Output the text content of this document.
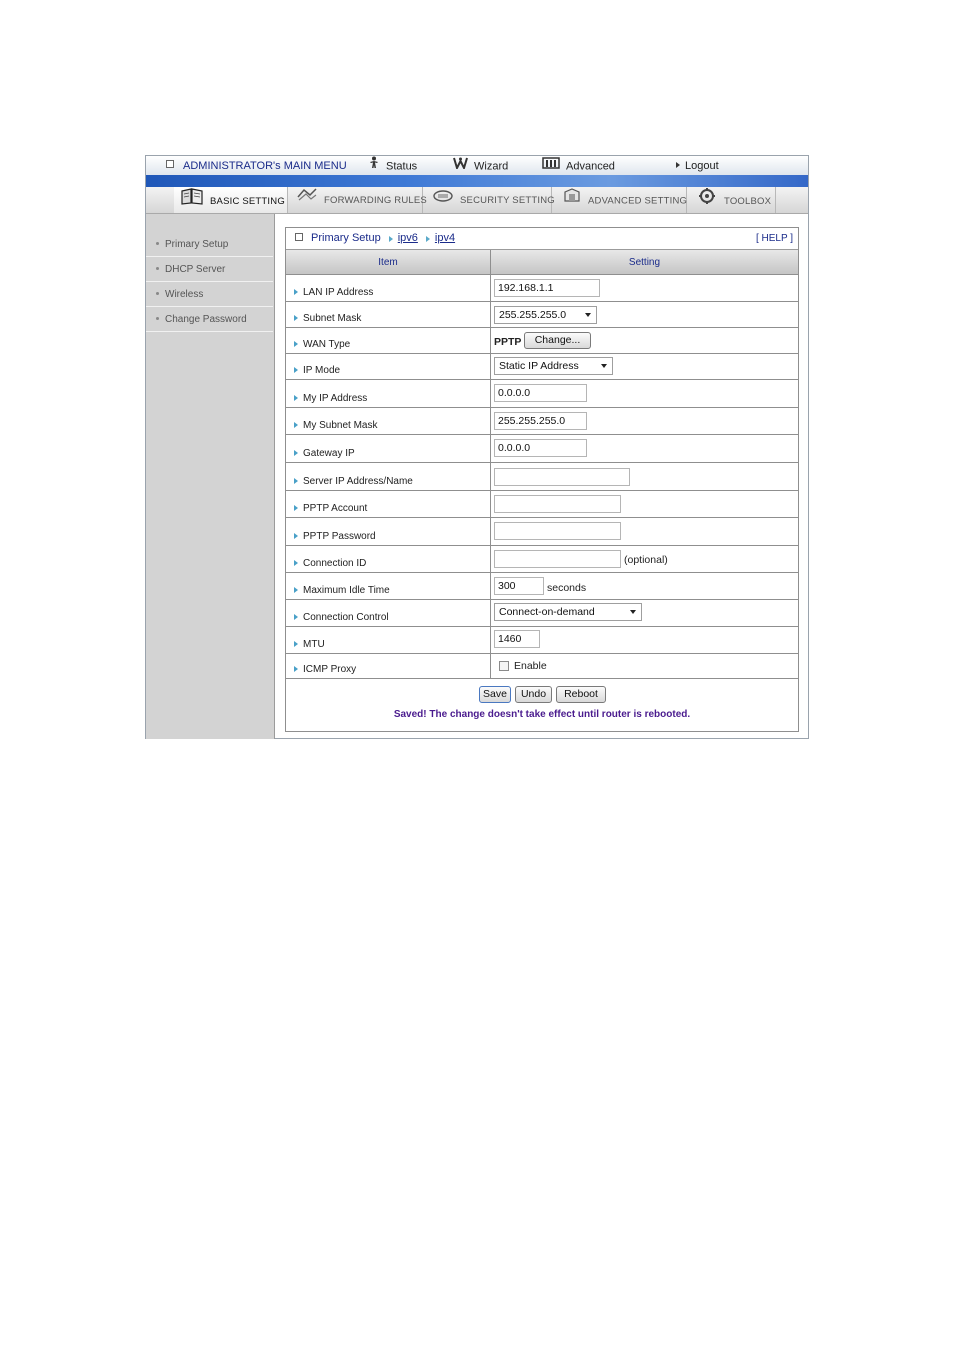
ADMINISTRATOR's MAIN MENU	Status	Wizard	Advanced	Logout
BASIC SETTING	FORWARDING RULES	SECURITY SETTING	ADVANCED SETTING	TOOLBOX
Primary Setup
DHCP Server
Wireless
Change Password
Primary Setup ipv6 ipv4	[ HELP ]
Item	Setting
LAN IP Address	192.168.1.1
Subnet Mask	255.255.255.0
WAN Type	PPTP	Change...
IP Mode	Static IP Address
My IP Address	0.0.0.0
My Subnet Mask	255.255.255.0
Gateway IP	0.0.0.0
Server IP Address/Name
PPTP Account
PPTP Password
Connection ID	(optional)
Maximum Idle Time	300	seconds
Connection Control	Connect-on-demand
MTU	1460
ICMP Proxy	Enable
Save	Undo	Reboot
Saved! The change doesn't take effect until router is rebooted.
